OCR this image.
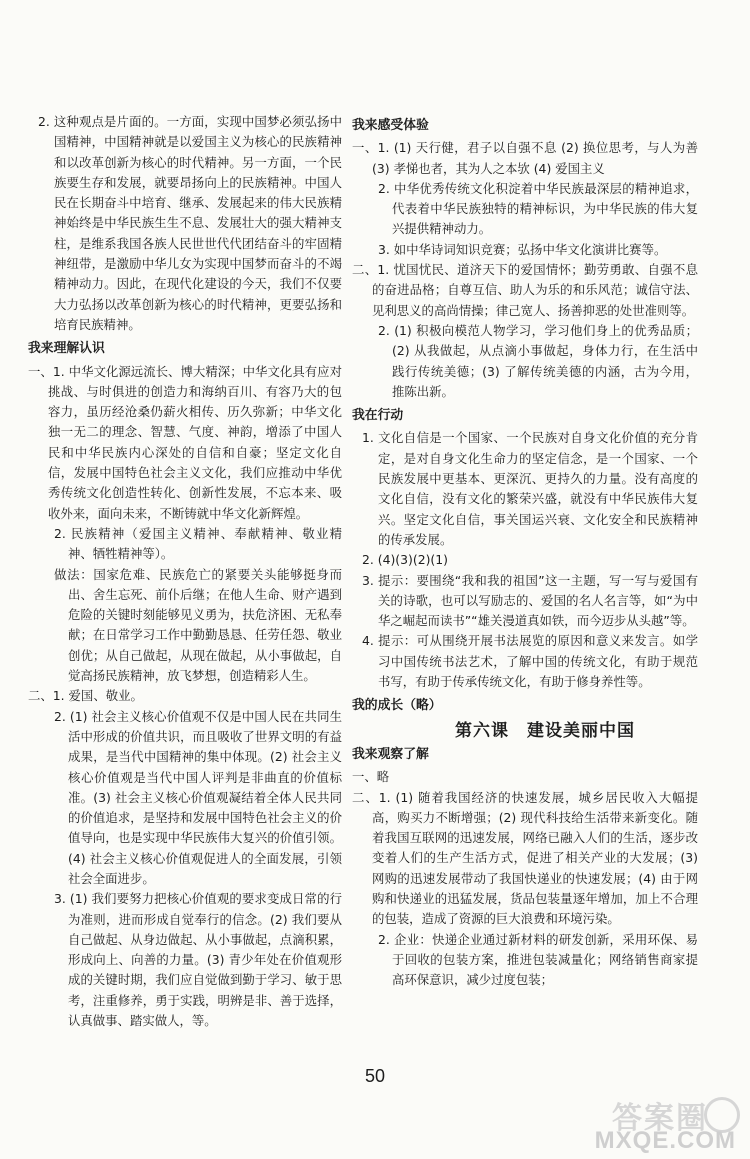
2. 这种观点是片面的。一方面，实现中国梦必须弘扬中国精神，中国精神就是以爱国主义为核心的民族精神和以改革创新为核心的时代精神。另一方面，一个民族要生存和发展，就要昂扬向上的民族精神。中国人民在长期奋斗中培育、继承、发展起来的伟大民族精神始终是中华民族生生不息、发展壮大的强大精神支柱，是维系我国各族人民世世代代团结奋斗的牢固精神纽带，是激励中华儿女为实现中国梦而奋斗的不竭精神动力。因此，在现代化建设的今天，我们不仅要大力弘扬以改革创新为核心的时代精神，更要弘扬和培育民族精神。
我来理解认识
一、1. 中华文化源远流长、博大精深；中华文化具有应对挑战、与时俱进的创造力和海纳百川、有容乃大的包容力，虽历经沧桑仍薪火相传、历久弥新；中华文化独一无二的理念、智慧、气度、神韵，增添了中国人民和中华民族内心深处的自信和自豪；坚定文化自信，发展中国特色社会主义文化，我们应推动中华优秀传统文化创造性转化、创新性发展，不忘本来、吸收外来，面向未来，不断铸就中华文化新辉煌。
2. 民族精神（爱国主义精神、奉献精神、敬业精神、牺牲精神等）。
做法：国家危难、民族危亡的紧要关头能够挺身而出、舍生忘死、前仆后继；在他人生命、财产遇到危险的关键时刻能够见义勇为，扶危济困、无私奉献；在日常学习工作中勤勤恳恳、任劳任怨、敬业创优；从自己做起，从现在做起，从小事做起，自觉高扬民族精神，放飞梦想，创造精彩人生。
二、1. 爱国、敬业。
2. (1) 社会主义核心价值观不仅是中国人民在共同生活中形成的价值共识，而且吸收了世界文明的有益成果，是当代中国精神的集中体现。(2) 社会主义核心价值观是当代中国人评判是非曲直的价值标准。(3) 社会主义核心价值观凝结着全体人民共同的价值追求，是坚持和发展中国特色社会主义的价值导向，也是实现中华民族伟大复兴的价值引领。(4) 社会主义核心价值观促进人的全面发展，引领社会全面进步。
3. (1) 我们要努力把核心价值观的要求变成日常的行为准则，进而形成自觉奉行的信念。(2) 我们要从自己做起、从身边做起、从小事做起，点滴积累，形成向上、向善的力量。(3) 青少年处在价值观形成的关键时期，我们应自觉做到勤于学习、敏于思考，注重修养，勇于实践，明辨是非、善于选择，认真做事、踏实做人，等。
我来感受体验
一、1. (1) 天行健，君子以自强不息 (2) 换位思考，与人为善 (3) 孝悌也者，其为人之本欤 (4) 爱国主义
2. 中华优秀传统文化积淀着中华民族最深层的精神追求，代表着中华民族独特的精神标识，为中华民族的伟大复兴提供精神动力。
3. 如中华诗词知识竞赛；弘扬中华文化演讲比赛等。
二、1. 忧国忧民、道济天下的爱国情怀；勤劳勇敢、自强不息的奋进品格；自尊互信、助人为乐的和乐风范；诚信守法、见利思义的高尚情操；律己宽人、扬善抑恶的处世准则等。
2. (1) 积极向模范人物学习，学习他们身上的优秀品质；(2) 从我做起，从点滴小事做起，身体力行，在生活中践行传统美德；(3) 了解传统美德的内涵，古为今用，推陈出新。
我在行动
1. 文化自信是一个国家、一个民族对自身文化价值的充分肯定，是对自身文化生命力的坚定信念，是一个国家、一个民族发展中更基本、更深沉、更持久的力量。没有高度的文化自信，没有文化的繁荣兴盛，就没有中华民族伟大复兴。坚定文化自信，事关国运兴衰、文化安全和民族精神的传承发展。
2. (4)(3)(2)(1)
3. 提示：要围绕“我和我的祖国”这一主题，写一写与爱国有关的诗歌，也可以写励志的、爱国的名人名言等，如“为中华之崛起而读书”“雄关漫道真如铁，而今迈步从头越”等。
4. 提示：可从围绕开展书法展览的原因和意义来发言。如学习中国传统书法艺术，了解中国的传统文化，有助于规范书写，有助于传承传统文化，有助于修身养性等。
我的成长（略）
第六课　建设美丽中国
我来观察了解
一、略
二、1. (1) 随着我国经济的快速发展，城乡居民收入大幅提高，购买力不断增强；(2) 现代科技给生活带来新变化。随着我国互联网的迅速发展，网络已融入人们的生活，逐步改变着人们的生产生活方式，促进了相关产业的大发展；(3) 网购的迅速发展带动了我国快递业的快速发展；(4) 由于网购和快递业的迅猛发展，货品包装量逐年增加，加上不合理的包装，造成了资源的巨大浪费和环境污染。
2. 企业：快递企业通过新材料的研发创新，采用环保、易于回收的包装方案，推进包装减量化；网络销售商家提高环保意识，减少过度包装；
50
答案圈
MXQE.COM
